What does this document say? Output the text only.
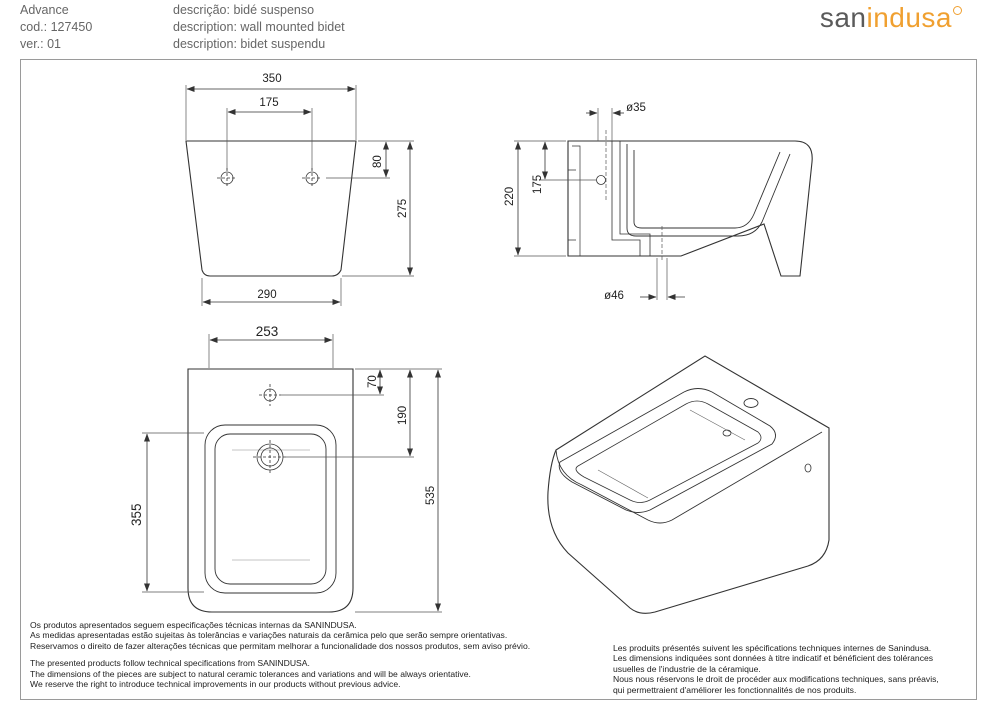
Advance
cod.: 127450
ver.: 01
descrição: bidé suspenso
description: wall mounted bidet
description: bidet suspendu
sanindusa
350
175
80
275
290
ø35
220
175
ø46
253
70
190
355
535
Os produtos apresentados seguem especificações técnicas internas da SANINDUSA.
As medidas apresentadas estão sujeitas às tolerâncias e variações naturais da cerâmica pelo que serão sempre orientativas.
Reservamos o direito de fazer alterações técnicas que permitam melhorar a funcionalidade dos nossos produtos, sem aviso prévio.
The presented products follow technical specifications from SANINDUSA.
The dimensions of the pieces are subject to natural ceramic tolerances and variations and will be always orientative.
We reserve the right to introduce technical improvements in our products without previous advice.
Les produits présentés suivent les spécifications techniques internes de Sanindusa.
Les dimensions indiquées sont données à titre indicatif et bénéficient des tolérances
usuelles de l'industrie de la céramique.
Nous nous réservons le droit de procéder aux modifications techniques, sans préavis,
qui permettraient d'améliorer les fonctionnalités de nos produits.
